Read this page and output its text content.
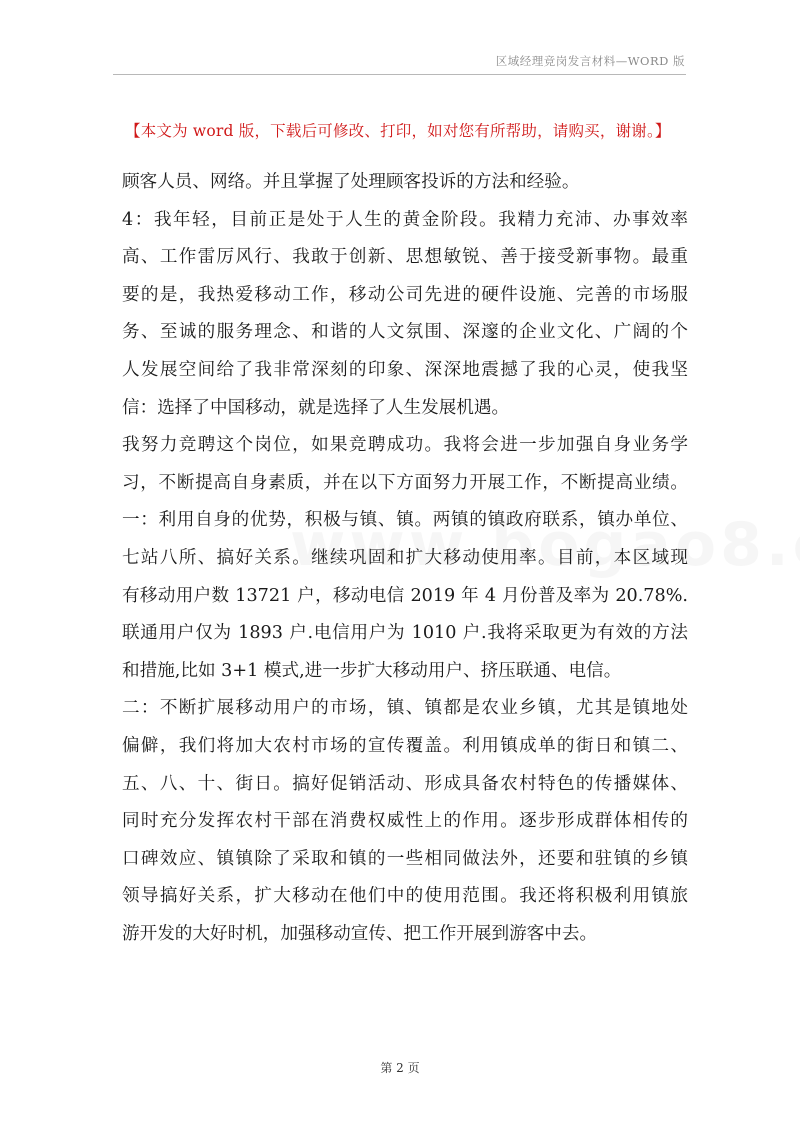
区域经理竞岗发言材料—WORD 版
【本文为 word 版，下载后可修改、打印，如对您有所帮助，请购买，谢谢。】
顾客人员、网络。并且掌握了处理顾客投诉的方法和经验。
4：我年轻，目前正是处于人生的黄金阶段。我精力充沛、办事效率
高、工作雷厉风行、我敢于创新、思想敏锐、善于接受新事物。最重
要的是，我热爱移动工作，移动公司先进的硬件设施、完善的市场服
务、至诚的服务理念、和谐的人文氛围、深邃的企业文化、广阔的个
人发展空间给了我非常深刻的印象、深深地震撼了我的心灵，使我坚
信：选择了中国移动，就是选择了人生发展机遇。
我努力竞聘这个岗位，如果竞聘成功。我将会进一步加强自身业务学
习，不断提高自身素质，并在以下方面努力开展工作，不断提高业绩。
一：利用自身的优势，积极与镇、镇。两镇的镇政府联系，镇办单位、
七站八所、搞好关系。继续巩固和扩大移动使用率。目前，本区域现
有移动用户数 13721 户，移动电信 2019 年 4 月份普及率为 20.78%.
联通用户仅为 1893 户.电信用户为 1010 户.我将采取更为有效的方法
和措施,比如 3+1 模式,进一步扩大移动用户、挤压联通、电信。
二：不断扩展移动用户的市场，镇、镇都是农业乡镇，尤其是镇地处
偏僻，我们将加大农村市场的宣传覆盖。利用镇成单的街日和镇二、
五、八、十、街日。搞好促销活动、形成具备农村特色的传播媒体、
同时充分发挥农村干部在消费权威性上的作用。逐步形成群体相传的
口碑效应、镇镇除了采取和镇的一些相同做法外，还要和驻镇的乡镇
领导搞好关系，扩大移动在他们中的使用范围。我还将积极利用镇旅
游开发的大好时机，加强移动宣传、把工作开展到游客中去。
第 2 页
